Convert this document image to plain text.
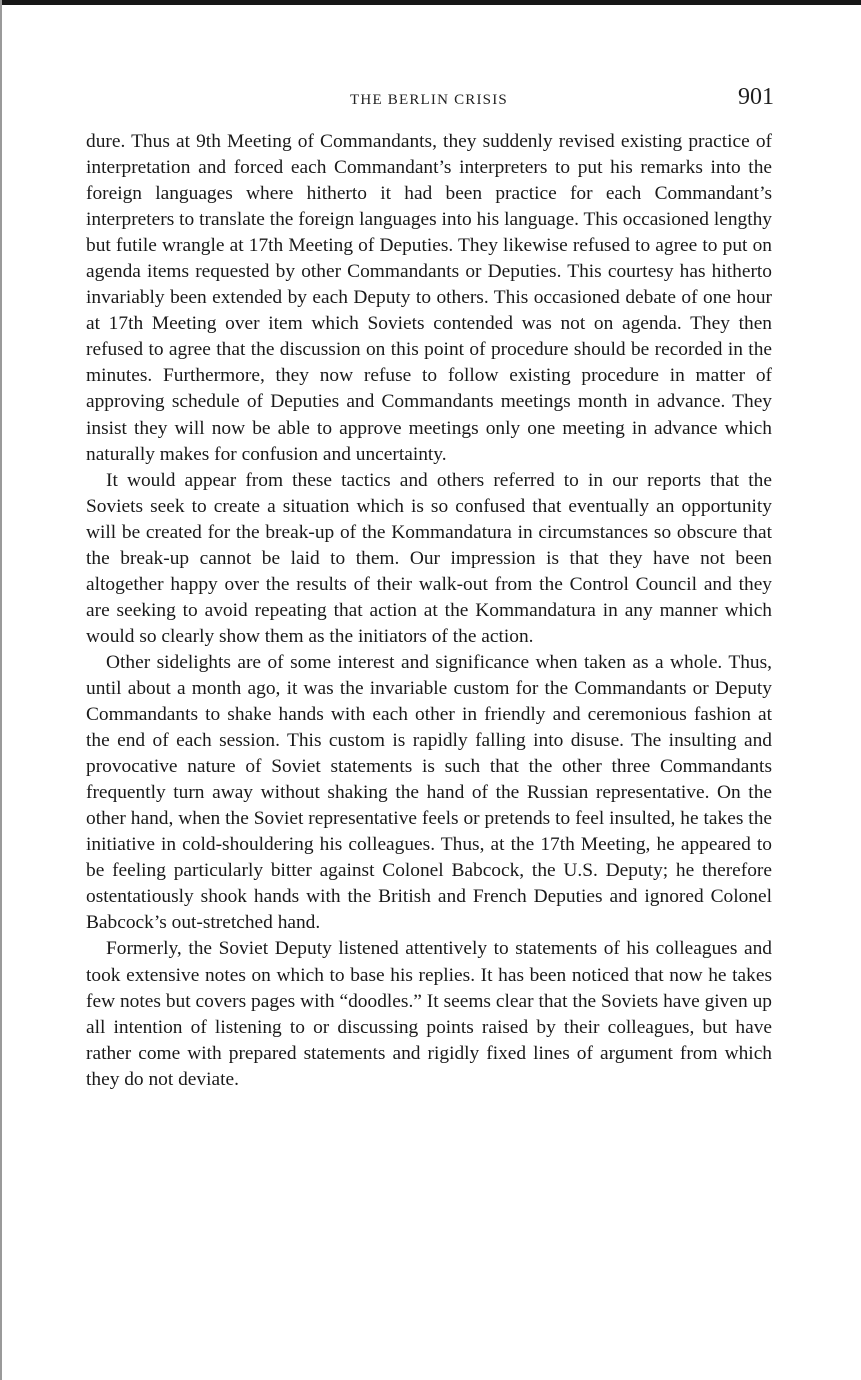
THE BERLIN CRISIS	901

dure. Thus at 9th Meeting of Commandants, they suddenly revised existing practice of interpretation and forced each Commandant’s interpreters to put his remarks into the foreign languages where hitherto it had been practice for each Commandant’s interpreters to translate the foreign languages into his language. This occasioned lengthy but futile wrangle at 17th Meeting of Deputies. They likewise refused to agree to put on agenda items requested by other Commandants or Deputies. This courtesy has hitherto invariably been extended by each Deputy to others. This occasioned debate of one hour at 17th Meeting over item which Soviets contended was not on agenda. They then refused to agree that the discussion on this point of procedure should be recorded in the minutes. Furthermore, they now refuse to follow existing procedure in matter of approving schedule of Deputies and Commandants meetings month in advance. They insist they will now be able to approve meetings only one meeting in advance which naturally makes for confusion and uncertainty.

It would appear from these tactics and others referred to in our reports that the Soviets seek to create a situation which is so confused that eventually an opportunity will be created for the break-up of the Kommandatura in circumstances so obscure that the break-up cannot be laid to them. Our impression is that they have not been altogether happy over the results of their walk-out from the Control Council and they are seeking to avoid repeating that action at the Kommandatura in any manner which would so clearly show them as the initiators of the action.

Other sidelights are of some interest and significance when taken as a whole. Thus, until about a month ago, it was the invariable custom for the Commandants or Deputy Commandants to shake hands with each other in friendly and ceremonious fashion at the end of each session. This custom is rapidly falling into disuse. The insulting and provocative nature of Soviet statements is such that the other three Commandants frequently turn away without shaking the hand of the Russian representative. On the other hand, when the Soviet representative feels or pretends to feel insulted, he takes the initiative in cold-shouldering his colleagues. Thus, at the 17th Meeting, he appeared to be feeling particularly bitter against Colonel Babcock, the U.S. Deputy; he therefore ostentatiously shook hands with the British and French Deputies and ignored Colonel Babcock’s out-stretched hand.

Formerly, the Soviet Deputy listened attentively to statements of his colleagues and took extensive notes on which to base his replies. It has been noticed that now he takes few notes but covers pages with “doodles.” It seems clear that the Soviets have given up all intention of listening to or discussing points raised by their colleagues, but have rather come with prepared statements and rigidly fixed lines of argument from which they do not deviate.
